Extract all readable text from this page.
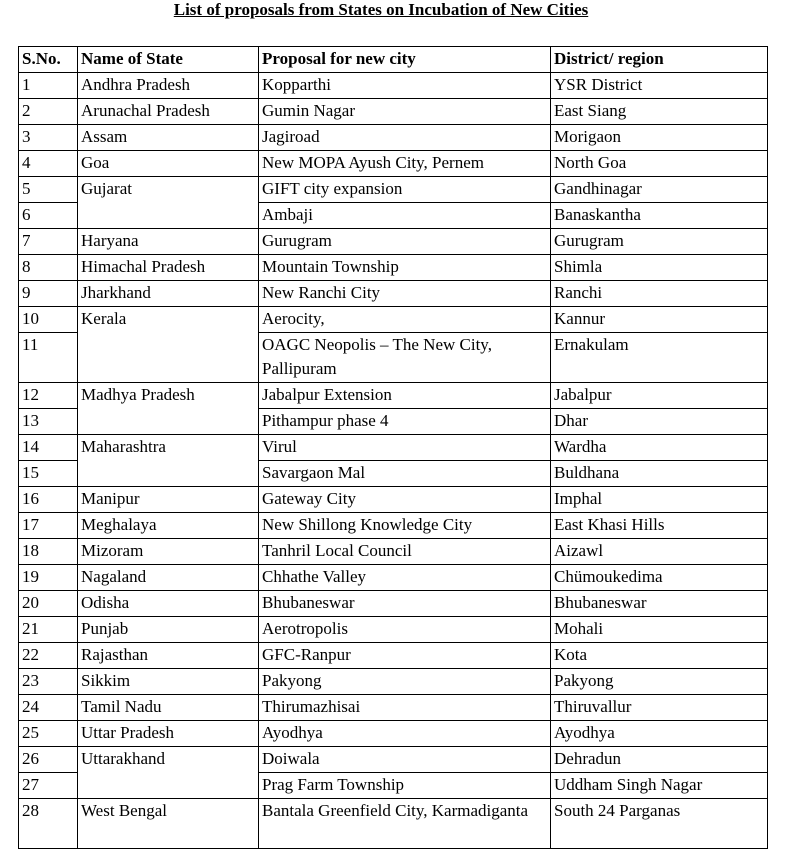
List of proposals from States on Incubation of New Cities
S.No.	Name of State	Proposal for new city	District/ region
1	Andhra Pradesh	Kopparthi	YSR District
2	Arunachal Pradesh	Gumin Nagar	East Siang
3	Assam	Jagiroad	Morigaon
4	Goa	New MOPA Ayush City, Pernem	North Goa
5	Gujarat	GIFT city expansion	Gandhinagar
6		Ambaji	Banaskantha
7	Haryana	Gurugram	Gurugram
8	Himachal Pradesh	Mountain Township	Shimla
9	Jharkhand	New Ranchi City	Ranchi
10	Kerala	Aerocity,	Kannur
11		OAGC Neopolis – The New City, Pallipuram	Ernakulam
12	Madhya Pradesh	Jabalpur Extension	Jabalpur
13		Pithampur phase 4	Dhar
14	Maharashtra	Virul	Wardha
15		Savargaon Mal	Buldhana
16	Manipur	Gateway City	Imphal
17	Meghalaya	New Shillong Knowledge City	East Khasi Hills
18	Mizoram	Tanhril Local Council	Aizawl
19	Nagaland	Chhathe Valley	Chümoukedima
20	Odisha	Bhubaneswar	Bhubaneswar
21	Punjab	Aerotropolis	Mohali
22	Rajasthan	GFC-Ranpur	Kota
23	Sikkim	Pakyong	Pakyong
24	Tamil Nadu	Thirumazhisai	Thiruvallur
25	Uttar Pradesh	Ayodhya	Ayodhya
26	Uttarakhand	Doiwala	Dehradun
27		Prag Farm Township	Uddham Singh Nagar
28	West Bengal	Bantala Greenfield City, Karmadiganta	South 24 Parganas
